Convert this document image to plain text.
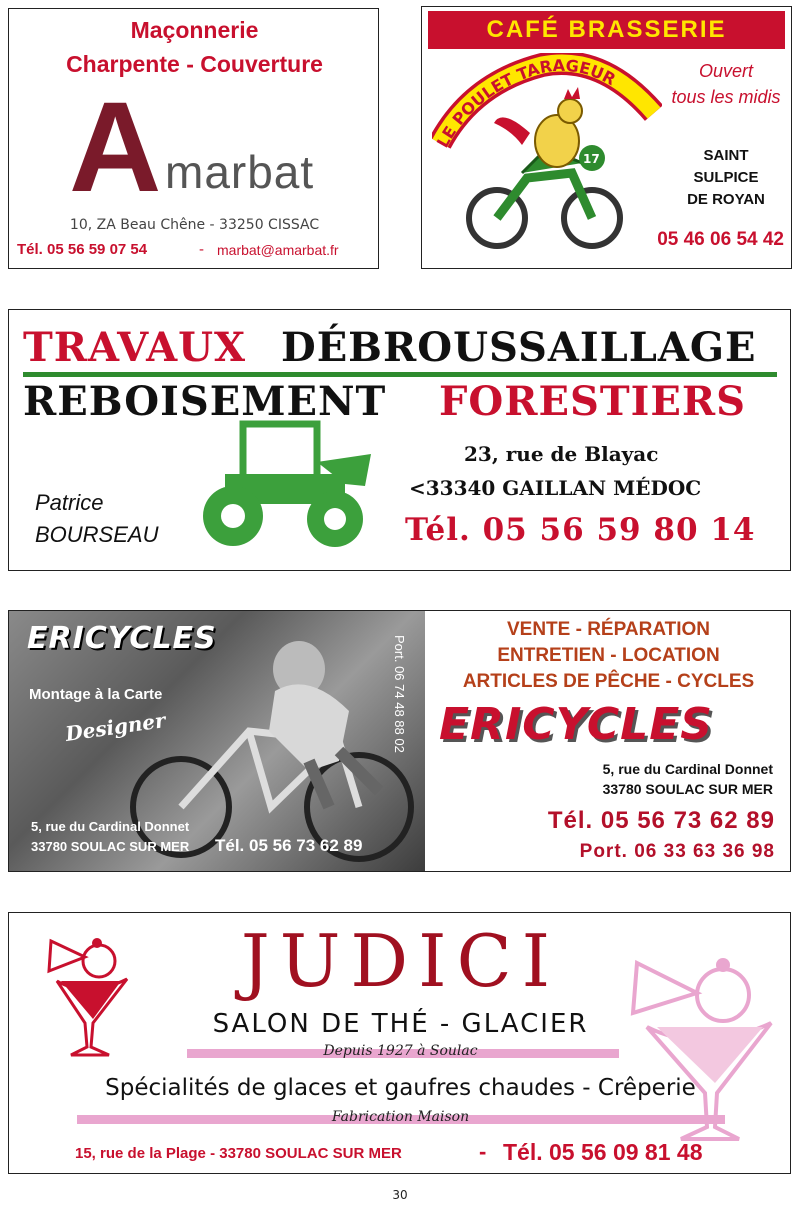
Maçonnerie
Charpente - Couverture
A marbat
10, ZA Beau Chêne - 33250 CISSAC
Tél. 05 56 59 07 54	- marbat@amarbat.fr
CAFÉ BRASSERIE
LE POULET TARAGEUR
17
Ouvert
tous les midis
SAINT
SULPICE
DE ROYAN
05 46 06 54 42
TRAVAUX DÉBROUSSAILLAGE
REBOISEMENT FORESTIERS
Patrice
BOURSEAU
23, rue de Blayac
<33340 GAILLAN MÉDOC
Tél. 05 56 59 80 14
ERICYCLES
Montage à la Carte
Designer	Port. 06 74 48 88 02
5, rue du Cardinal Donnet
33780 SOULAC SUR MER Tél. 05 56 73 62 89
VENTE - RÉPARATION
ENTRETIEN - LOCATION
ARTICLES DE PÊCHE - CYCLES
ERICYCLES
5, rue du Cardinal Donnet
33780 SOULAC SUR MER
Tél. 05 56 73 62 89
Port. 06 33 63 36 98
JUDICI
SALON DE THÉ - GLACIER
Depuis 1927 à Soulac
Spécialités de glaces et gaufres chaudes - Crêperie
Fabrication Maison
15, rue de la Plage - 33780 SOULAC SUR MER	- Tél. 05 56 09 81 48
30
